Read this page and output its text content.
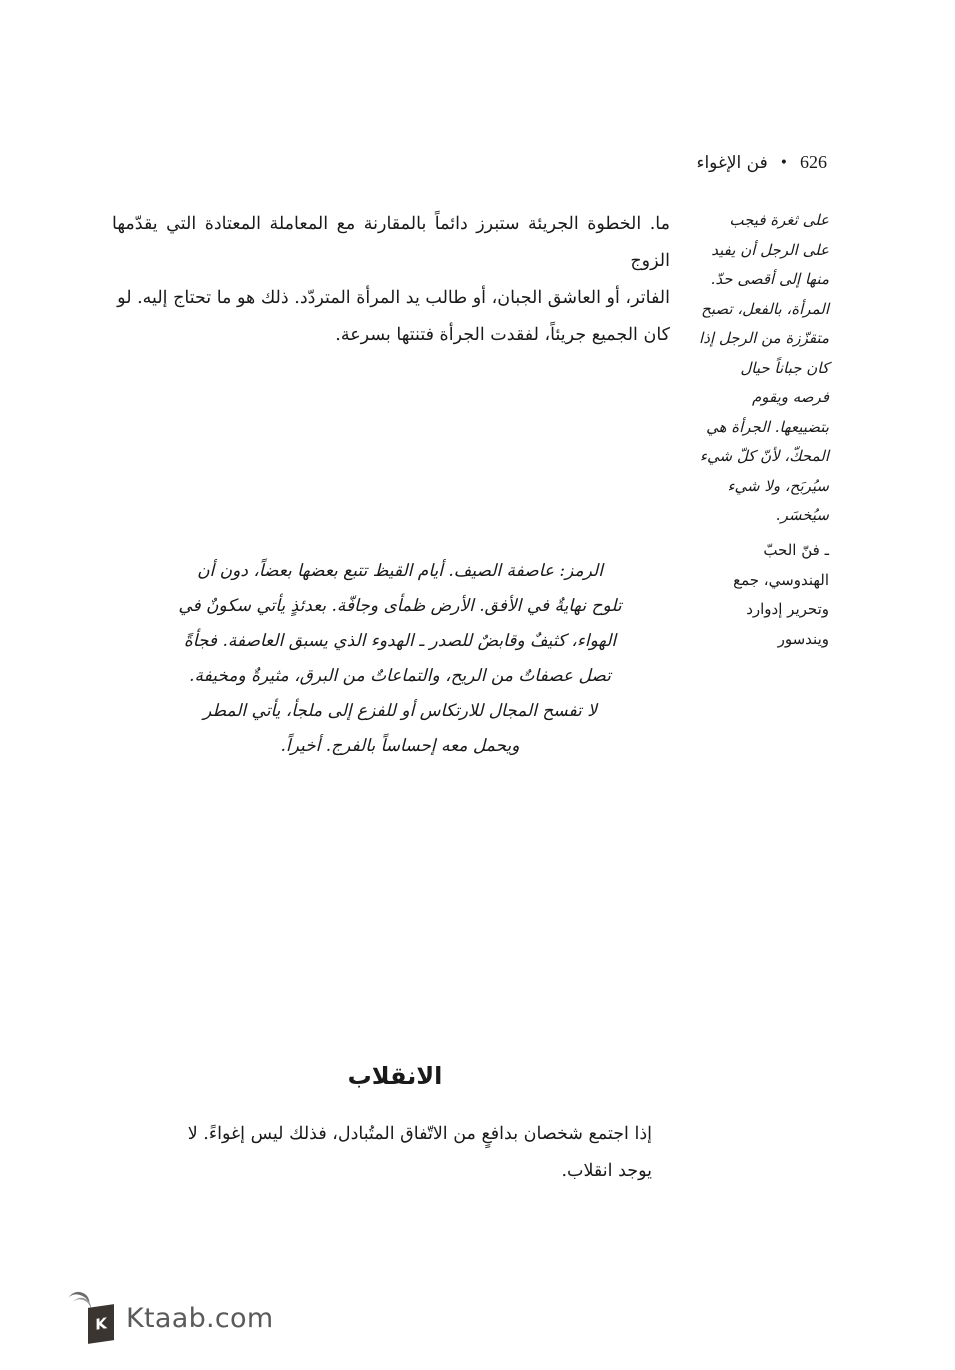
626
•
فن الإغواء
ما. الخطوة الجريئة ستبرز دائماً بالمقارنة مع المعاملة المعتادة التي يقدّمها الزوج
الفاتر، أو العاشق الجبان، أو طالب يد المرأة المتردّد. ذلك هو ما تحتاج إليه. لو
كان الجميع جريئاً، لفقدت الجرأة فتنتها بسرعة.
على ثغرة فيجب
على الرجل أن يفيد
منها إلى أقصى حدّ.
المرأة، بالفعل، تصبح
متقزّزة من الرجل إذا
كان جباناً حيال
فرصه ويقوم
بتضييعها. الجرأة هي
المحكّ، لأنّ كلّ شيء
سيُربَح، ولا شيء
سيُخسَر.
ـ فنّ الحبّ
الهندوسي، جمع
وتحرير إدوارد
ويندسور
الرمز: عاصفة الصيف. أيام القيظ تتبع بعضها بعضاً، دون أن
تلوح نهايةٌ في الأفق. الأرض ظمأى وجافّة. بعدئذٍ يأتي سكونٌ في
الهواء، كثيفٌ وقابضٌ للصدر ـ الهدوء الذي يسبق العاصفة. فجأةً
تصل عصفاتٌ من الريح، والتماعاتٌ من البرق، مثيرةٌ ومخيفة.
لا تفسح المجال للارتكاس أو للفزع إلى ملجأ، يأتي المطر
ويحمل معه إحساساً بالفرج. أخيراً.
الانقلاب
إذا اجتمع شخصان بدافعٍ من الاتّفاق المتُبادل، فذلك ليس إغواءً. لا
يوجد انقلاب.
K Ktaab.com
